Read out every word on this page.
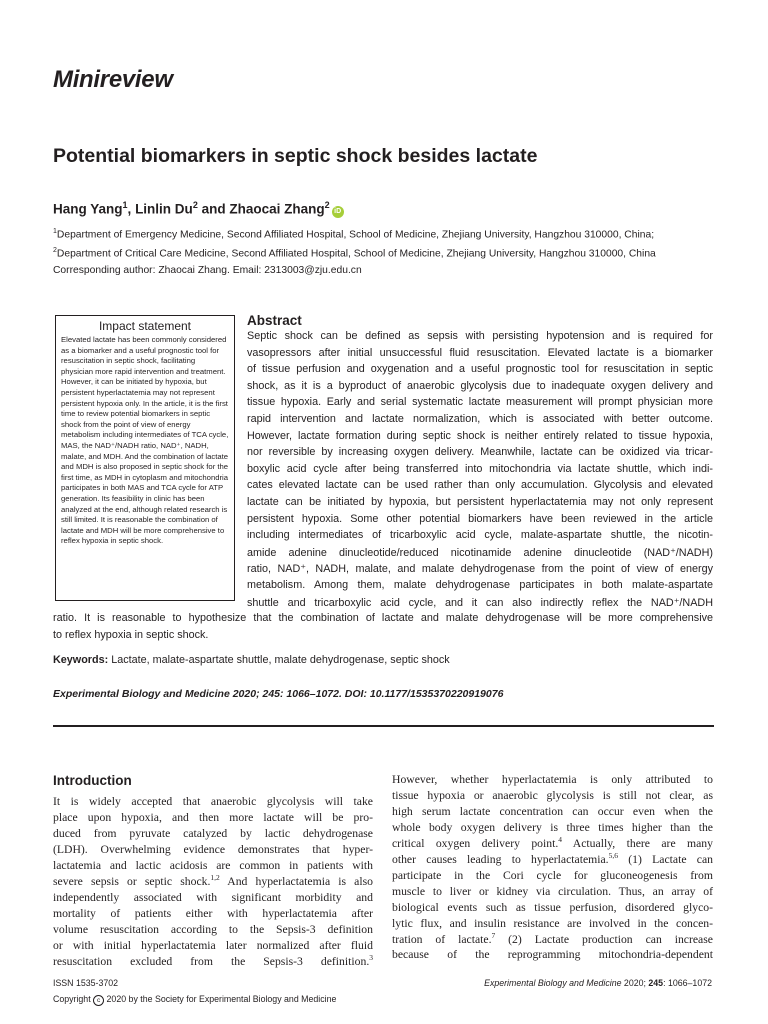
Minireview
Potential biomarkers in septic shock besides lactate
Hang Yang$^1$, Linlin Du$^2$ and Zhaocai Zhang$^2$iD
$^1$Department of Emergency Medicine, Second Affiliated Hospital, School of Medicine, Zhejiang University, Hangzhou 310000, China;
$^2$Department of Critical Care Medicine, Second Affiliated Hospital, School of Medicine, Zhejiang University, Hangzhou 310000, China
Corresponding author: Zhaocai Zhang. Email: 2313003@zju.edu.cn
Impact statement

Elevated lactate has been commonly considered as a biomarker and a useful prognostic tool for resuscitation in septic shock, facilitating physician more rapid intervention and treatment. However, it can be initiated by hypoxia, but persistent hyperlactatemia may not represent persistent hypoxia only. In the article, it is the first time to review potential biomarkers in septic shock from the point of view of energy metabolism including intermediates of TCA cycle, MAS, the NAD⁺/NADH ratio, NAD⁺, NADH, malate, and MDH. And the combination of lactate and MDH is also proposed in septic shock for the first time, as MDH in cytoplasm and mitochondria participates in both MAS and TCA cycle for ATP generation. Its feasibility in clinic has been analyzed at the end, although related research is still limited. It is reasonable the combination of lactate and MDH will be more comprehensive to reflex hypoxia in septic shock.

Abstract
Septic shock can be defined as sepsis with persisting hypotension and is required for
vasopressors after initial unsuccessful fluid resuscitation. Elevated lactate is a biomarker
of tissue perfusion and oxygenation and a useful prognostic tool for resuscitation in septic
shock, as it is a byproduct of anaerobic glycolysis due to inadequate oxygen delivery and
tissue hypoxia. Early and serial systematic lactate measurement will prompt physician more
rapid intervention and lactate normalization, which is associated with better outcome.
However, lactate formation during septic shock is neither entirely related to tissue hypoxia,
nor reversible by increasing oxygen delivery. Meanwhile, lactate can be oxidized via tricar-
boxylic acid cycle after being transferred into mitochondria via lactate shuttle, which indi-
cates elevated lactate can be used rather than only accumulation. Glycolysis and elevated
lactate can be initiated by hypoxia, but persistent hyperlactatemia may not only represent
persistent hypoxia. Some other potential biomarkers have been reviewed in the article
including intermediates of tricarboxylic acid cycle, malate-aspartate shuttle, the nicotin-
amide adenine dinucleotide/reduced nicotinamide adenine dinucleotide (NAD⁺/NADH)
ratio, NAD⁺, NADH, malate, and malate dehydrogenase from the point of view of energy
metabolism. Among them, malate dehydrogenase participates in both malate-aspartate
shuttle and tricarboxylic acid cycle, and it can also indirectly reflex the NAD⁺/NADH
ratio. It is reasonable to hypothesize that the combination of lactate and malate dehydrogenase will be more comprehensive
to reflex hypoxia in septic shock.
Keywords: Lactate, malate-aspartate shuttle, malate dehydrogenase, septic shock
Experimental Biology and Medicine 2020; 245: 1066–1072. DOI: 10.1177/1535370220919076
Introduction
It is widely accepted that anaerobic glycolysis will take
place upon hypoxia, and then more lactate will be pro-
duced from pyruvate catalyzed by lactic dehydrogenase
(LDH). Overwhelming evidence demonstrates that hyper-
lactatemia and lactic acidosis are common in patients with
severe sepsis or septic shock.$^{1,2}$ And hyperlactatemia is also
independently associated with significant morbidity and
mortality of patients either with hyperlactatemia after
volume resuscitation according to the Sepsis-3 definition
or with initial hyperlactatemia later normalized after fluid
resuscitation excluded from the Sepsis-3 definition.$^3$
However, whether hyperlactatemia is only attributed to
tissue hypoxia or anaerobic glycolysis is still not clear, as
high serum lactate concentration can occur even when the
whole body oxygen delivery is three times higher than the
critical oxygen delivery point.$^4$ Actually, there are many
other causes leading to hyperlactatemia.$^{5,6}$ (1) Lactate can
participate in the Cori cycle for gluconeogenesis from
muscle to liver or kidney via circulation. Thus, an array of
biological events such as tissue perfusion, disordered glyco-
lytic flux, and insulin resistance are involved in the concen-
tration of lactate.$^7$ (2) Lactate production can increase
because of the reprogramming mitochondria-dependent
ISSN 1535-3702
Copyright c 2020 by the Society for Experimental Biology and Medicine
Experimental Biology and Medicine 2020; 245: 1066–1072
